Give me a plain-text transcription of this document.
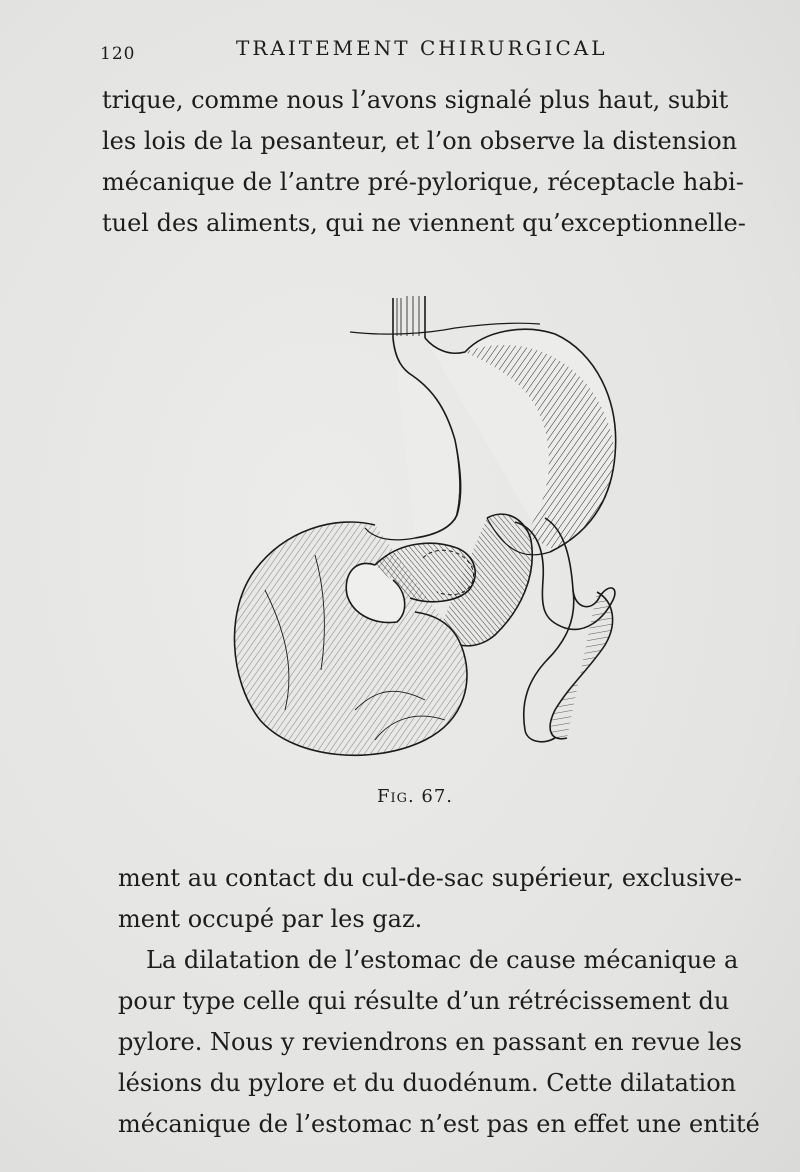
120	TRAITEMENT CHIRURGICAL

trique, comme nous l’avons signalé plus haut, subit
les lois de la pesanteur, et l’on observe la distension
mécanique de l’antre pré-pylorique, réceptacle habi-
tuel des aliments, qui ne viennent qu’exceptionnelle-

Fig. 67.

ment au contact du cul-de-sac supérieur, exclusive-
ment occupé par les gaz.

La dilatation de l’estomac de cause mécanique a
pour type celle qui résulte d’un rétrécissement du
pylore. Nous y reviendrons en passant en revue les
lésions du pylore et du duodénum. Cette dilatation
mécanique de l’estomac n’est pas en effet une entité
